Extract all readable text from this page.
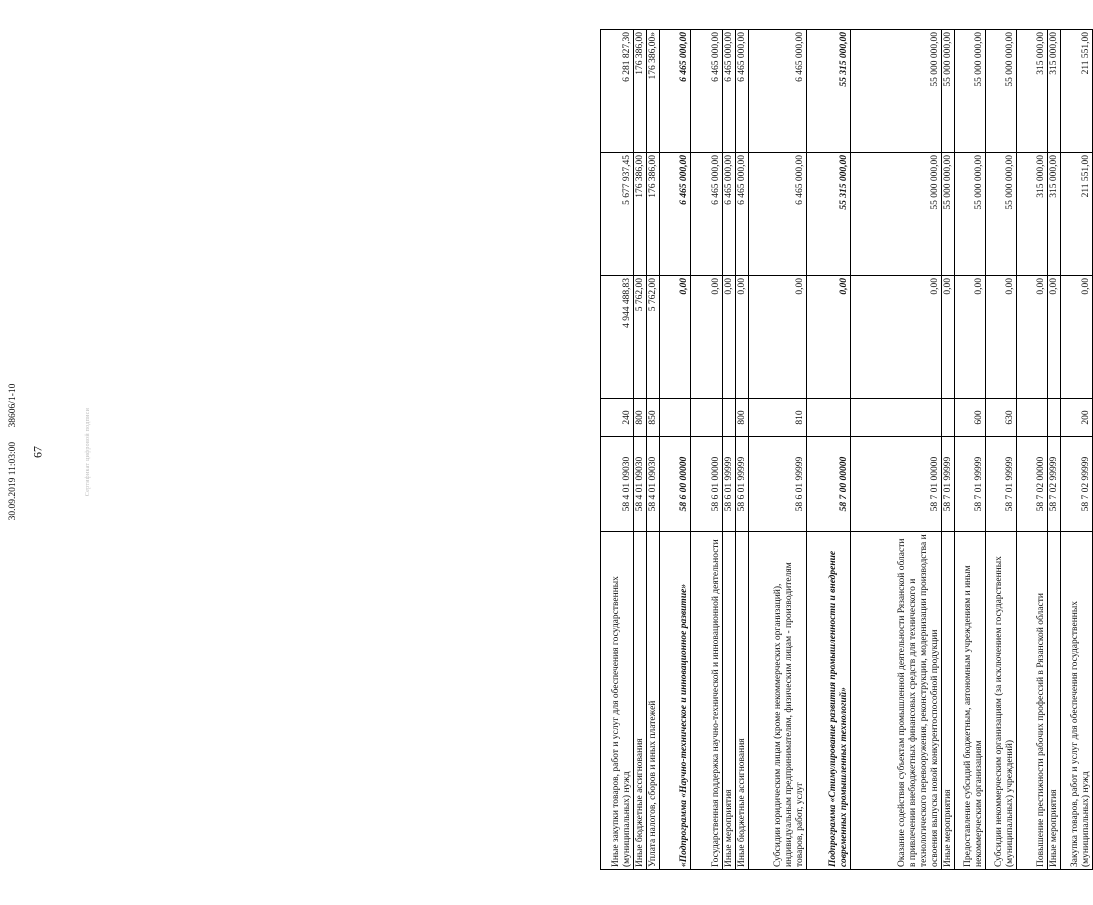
67	Сертификат цифровой подписи
30.09.2019 11:03:00 38606/1-10
Иные закупки товаров, работ и услуг для обеспечения государственных (муниципальных) нужд	58 4 01 09030	240	4 944 488,83	5 677 937,45	6 281 827,30
Иные бюджетные ассигнования	58 4 01 09030	800	5 762,00	176 386,00	176 386,00
Уплата налогов, сборов и иных платежей	58 4 01 09030	850	5 762,00	176 386,00	176 386,00»
«Подпрограмма «Научно-техническое и инновационное развитие»	58 6 00 00000		0,00	6 465 000,00	6 465 000,00
Государственная поддержка научно-технической и инновационной деятельности	58 6 01 00000		0,00	6 465 000,00	6 465 000,00
Иные мероприятия	58 6 01 99999		0,00	6 465 000,00	6 465 000,00
Иные бюджетные ассигнования	58 6 01 99999	800	0,00	6 465 000,00	6 465 000,00
Субсидии юридическим лицам (кроме некоммерческих организаций), индивидуальным предпринимателям, физическим лицам - производителям товаров, работ, услуг	58 6 01 99999	810	0,00	6 465 000,00	6 465 000,00
Подпрограмма «Стимулирование развития промышленности и внедрение современных промышленных технологий»	58 7 00 00000		0,00	55 315 000,00	55 315 000,00
Оказание содействия субъектам промышленной деятельности Рязанской области в привлечении внебюджетных финансовых средств для технического и технологического перевооружения, реконструкции, модернизации производства и освоения выпуска новой конкурентоспособной продукции	58 7 01 00000		0,00	55 000 000,00	55 000 000,00
Иные мероприятия	58 7 01 99999		0,00	55 000 000,00	55 000 000,00
Предоставление субсидий бюджетным, автономным учреждениям и иным некоммерческим организациям	58 7 01 99999	600	0,00	55 000 000,00	55 000 000,00
Субсидии некоммерческим организациям (за исключением государственных (муниципальных) учреждений)	58 7 01 99999	630	0,00	55 000 000,00	55 000 000,00
Повышение престижности рабочих профессий в Рязанской области	58 7 02 00000		0,00	315 000,00	315 000,00
Иные мероприятия	58 7 02 99999		0,00	315 000,00	315 000,00
Закупка товаров, работ и услуг для обеспечения государственных (муниципальных) нужд	58 7 02 99999	200	0,00	211 551,00	211 551,00
